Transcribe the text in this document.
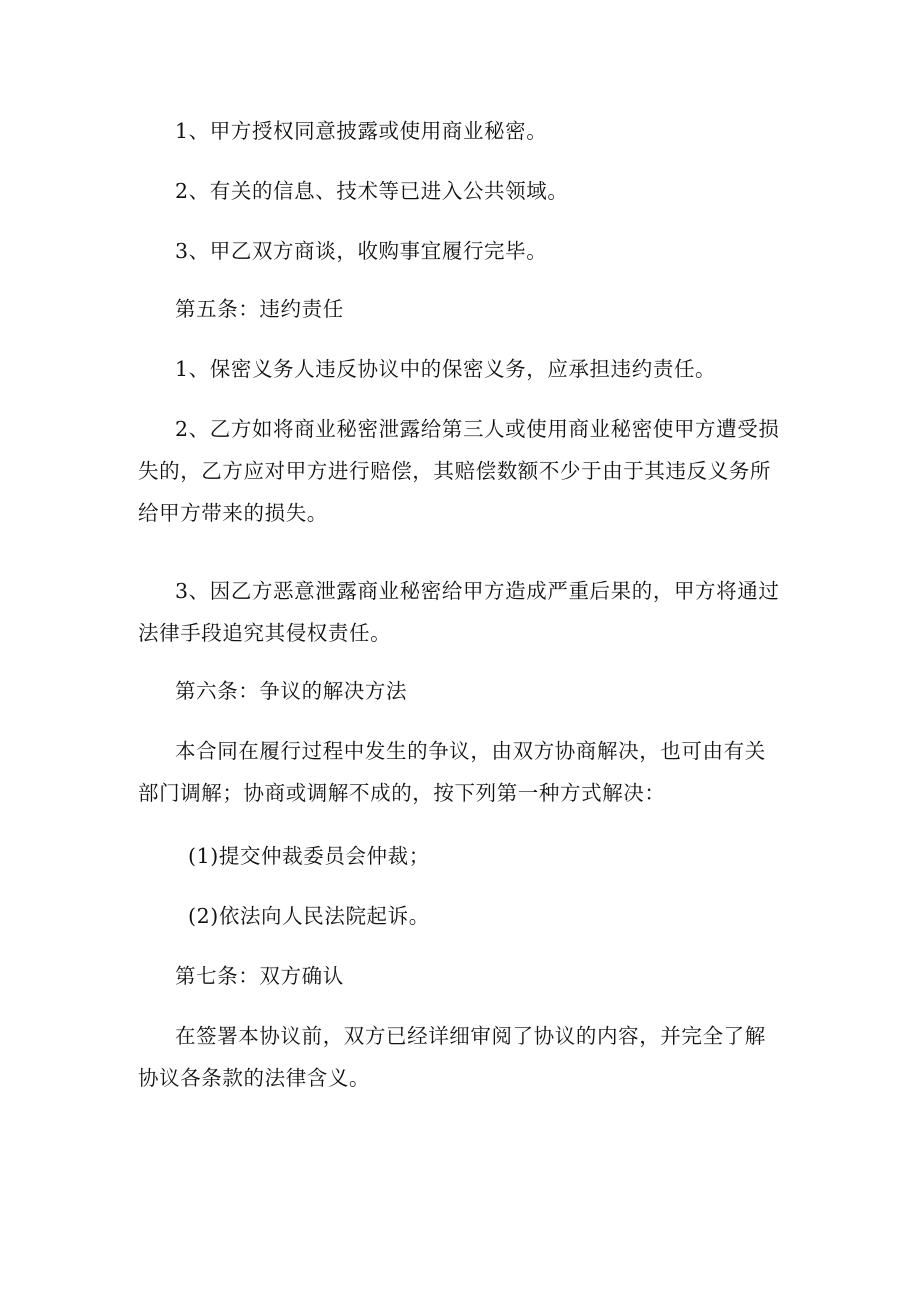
1、甲方授权同意披露或使用商业秘密。

2、有关的信息、技术等已进入公共领域。

3、甲乙双方商谈，收购事宜履行完毕。

第五条：违约责任

1、保密义务人违反协议中的保密义务，应承担违约责任。

2、乙方如将商业秘密泄露给第三人或使用商业秘密使甲方遭受损失的，乙方应对甲方进行赔偿，其赔偿数额不少于由于其违反义务所给甲方带来的损失。

3、因乙方恶意泄露商业秘密给甲方造成严重后果的，甲方将通过法律手段追究其侵权责任。

第六条：争议的解决方法

本合同在履行过程中发生的争议，由双方协商解决，也可由有关部门调解；协商或调解不成的，按下列第一种方式解决：

(1)提交仲裁委员会仲裁；

(2)依法向人民法院起诉。

第七条：双方确认

在签署本协议前，双方已经详细审阅了协议的内容，并完全了解协议各条款的法律含义。
